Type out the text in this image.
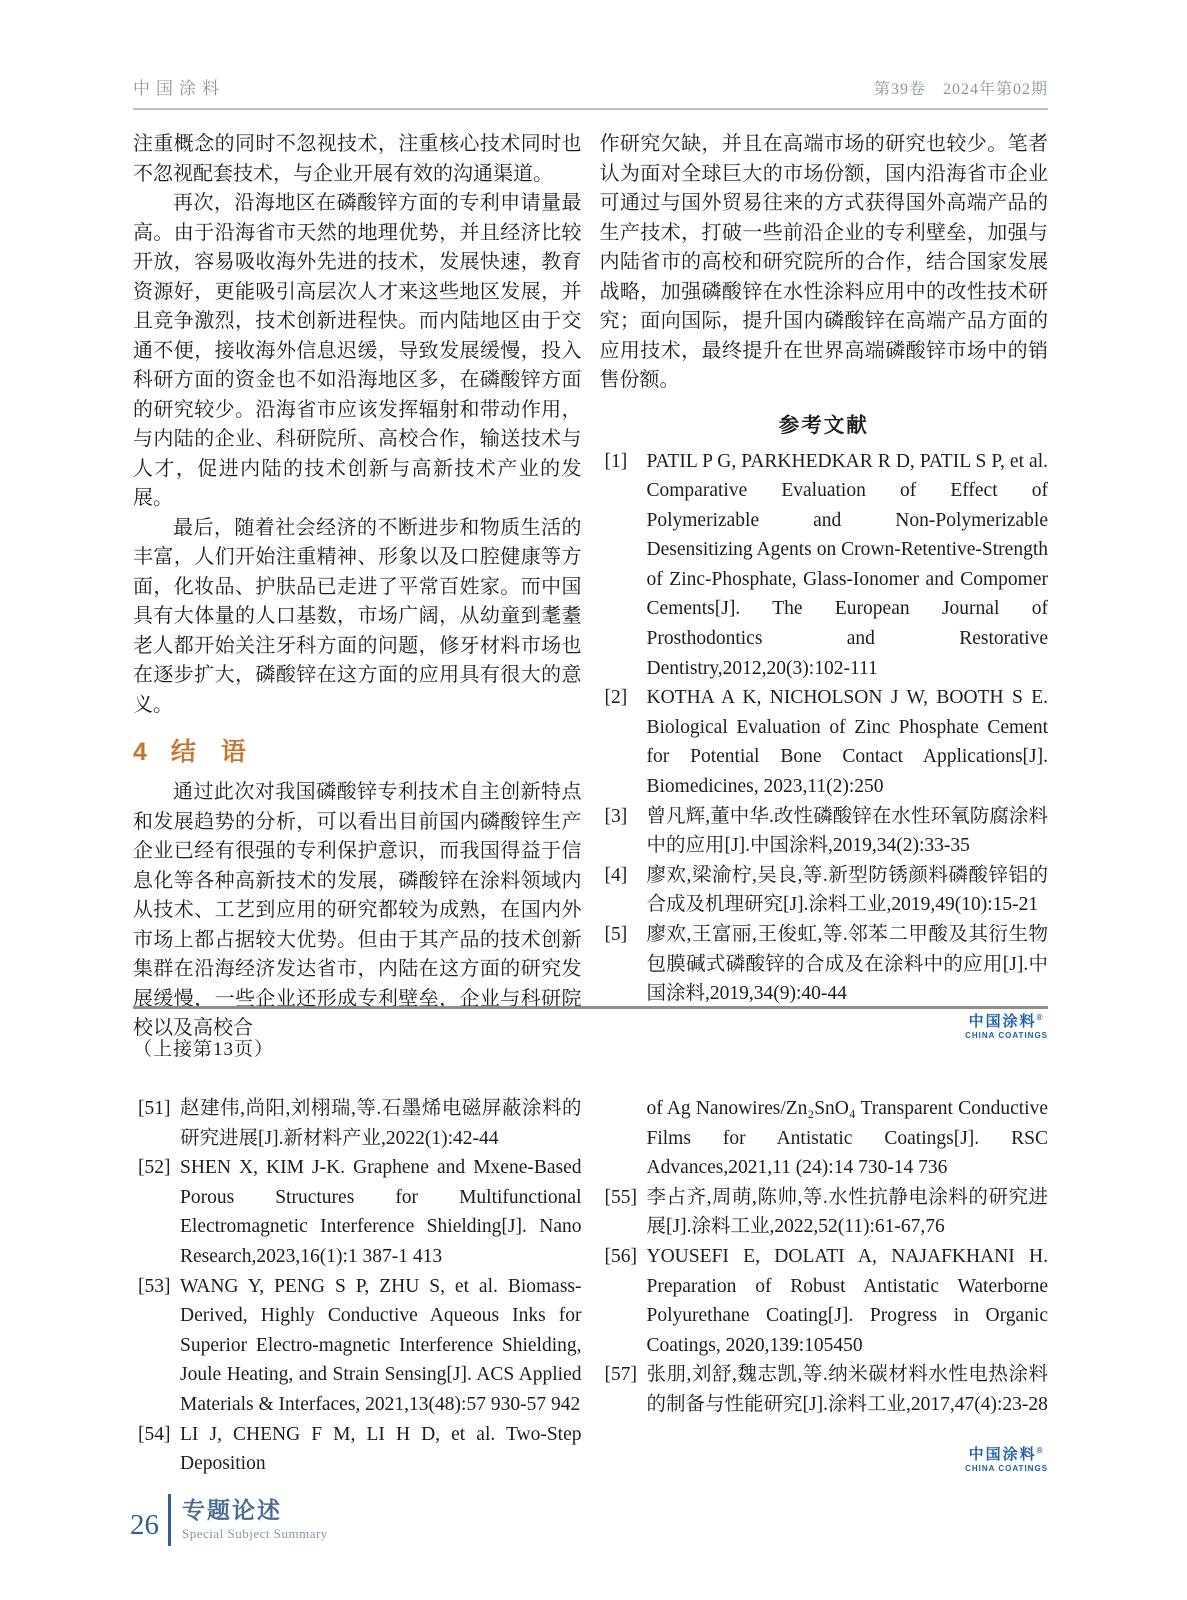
中国涂料	第39卷　2024年第02期

注重概念的同时不忽视技术，注重核心技术同时也不忽视配套技术，与企业开展有效的沟通渠道。

再次，沿海地区在磷酸锌方面的专利申请量最高。由于沿海省市天然的地理优势，并且经济比较开放，容易吸收海外先进的技术，发展快速，教育资源好，更能吸引高层次人才来这些地区发展，并且竞争激烈，技术创新进程快。而内陆地区由于交通不便，接收海外信息迟缓，导致发展缓慢，投入科研方面的资金也不如沿海地区多，在磷酸锌方面的研究较少。沿海省市应该发挥辐射和带动作用，与内陆的企业、科研院所、高校合作，输送技术与人才，促进内陆的技术创新与高新技术产业的发展。

最后，随着社会经济的不断进步和物质生活的丰富，人们开始注重精神、形象以及口腔健康等方面，化妆品、护肤品已走进了平常百姓家。而中国具有大体量的人口基数，市场广阔，从幼童到耄耋老人都开始关注牙科方面的问题，修牙材料市场也在逐步扩大，磷酸锌在这方面的应用具有很大的意义。

4 结　语

通过此次对我国磷酸锌专利技术自主创新特点和发展趋势的分析，可以看出目前国内磷酸锌生产企业已经有很强的专利保护意识，而我国得益于信息化等各种高新技术的发展，磷酸锌在涂料领域内从技术、工艺到应用的研究都较为成熟，在国内外市场上都占据较大优势。但由于其产品的技术创新集群在沿海经济发达省市，内陆在这方面的研究发展缓慢，一些企业还形成专利壁垒，企业与科研院校以及高校合

作研究欠缺，并且在高端市场的研究也较少。笔者认为面对全球巨大的市场份额，国内沿海省市企业可通过与国外贸易往来的方式获得国外高端产品的生产技术，打破一些前沿企业的专利壁垒，加强与内陆省市的高校和研究院所的合作，结合国家发展战略，加强磷酸锌在水性涂料应用中的改性技术研究；面向国际，提升国内磷酸锌在高端产品方面的应用技术，最终提升在世界高端磷酸锌市场中的销售份额。

参考文献
[1] PATIL P G, PARKHEDKAR R D, PATIL S P, et al. Comparative Evaluation of Effect of Polymerizable and Non-Polymerizable Desensitizing Agents on Crown-Retentive-Strength of Zinc-Phosphate, Glass-Ionomer and Compomer Cements[J]. The European Journal of Prosthodontics and Restorative Dentistry,2012,20(3):102-111
[2] KOTHA A K, NICHOLSON J W, BOOTH S E. Biological Evaluation of Zinc Phosphate Cement for Potential Bone Contact Applications[J]. Biomedicines, 2023,11(2):250
[3] 曾凡辉,董中华.改性磷酸锌在水性环氧防腐涂料中的应用[J].中国涂料,2019,34(2):33-35
[4] 廖欢,梁渝柠,吴良,等.新型防锈颜料磷酸锌铝的合成及机理研究[J].涂料工业,2019,49(10):15-21
[5] 廖欢,王富丽,王俊虹,等.邻苯二甲酸及其衍生物包膜碱式磷酸锌的合成及在涂料中的应用[J].中国涂料,2019,34(9):40-44
中国涂料®
CHINA COATINGS
（上接第13页）
[51] 赵建伟,尚阳,刘栩瑞,等.石墨烯电磁屏蔽涂料的研究进展[J].新材料产业,2022(1):42-44
[52] SHEN X, KIM J-K. Graphene and Mxene-Based Porous Structures for Multifunctional Electromagnetic Interference Shielding[J]. Nano Research,2023,16(1):1 387-1 413
[53] WANG Y, PENG S P, ZHU S, et al. Biomass-Derived, Highly Conductive Aqueous Inks for Superior Electro-magnetic Interference Shielding, Joule Heating, and Strain Sensing[J]. ACS Applied Materials & Interfaces, 2021,13(48):57 930-57 942
[54] LI J, CHENG F M, LI H D, et al. Two-Step Deposition
of Ag Nanowires/Zn₂SnO₄ Transparent Conductive Films for Antistatic Coatings[J]. RSC Advances,2021,11 (24):14 730-14 736
[55] 李占齐,周萌,陈帅,等.水性抗静电涂料的研究进展[J].涂料工业,2022,52(11):61-67,76
[56] YOUSEFI E, DOLATI A, NAJAFKHANI H. Preparation of Robust Antistatic Waterborne Polyurethane Coating[J]. Progress in Organic Coatings, 2020,139:105450
[57] 张朋,刘舒,魏志凯,等.纳米碳材料水性电热涂料的制备与性能研究[J].涂料工业,2017,47(4):23-28
中国涂料®
CHINA COATINGS
26 专题论述
Special Subject Summary
